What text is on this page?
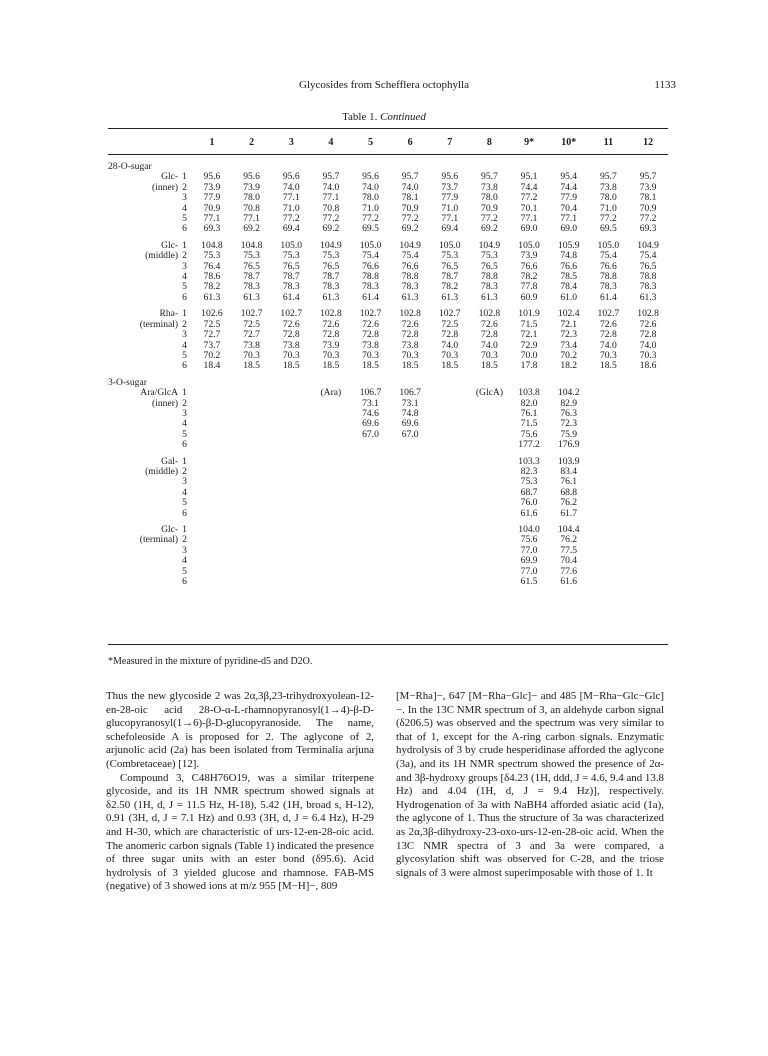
Glycosides from Schefflera octophylla	1133
Table 1. Continued
		1	2	3	4	5	6	7	8	9*	10*	11	12

28-O-sugar													
Glc-	1	95.6	95.6	95.6	95.7	95.6	95.7	95.6	95.7	95.1	95.4	95.7	95.7
(inner)	2	73.9	73.9	74.0	74.0	74.0	74.0	73.7	73.8	74.4	74.4	73.8	73.9
	3	77.9	78.0	77.1	77.1	78.0	78.1	77.9	78.0	77.2	77.9	78.0	78.1
	4	70.9	70.8	71.0	70.8	71.0	70.9	71.0	70.9	70.1	70.4	71.0	70.9
	5	77.1	77.1	77.2	77.2	77.2	77.2	77.1	77.2	77.1	77.1	77.2	77.2
	6	69.3	69.2	69.4	69.2	69.5	69.2	69.4	69.2	69.0	69.0	69.5	69.3

Glc-	1	104.8	104.8	105.0	104.9	105.0	104.9	105.0	104.9	105.0	105.9	105.0	104.9
(middle)	2	75.3	75.3	75.3	75.3	75.4	75.4	75.3	75.3	73.9	74.8	75.4	75.4
	3	76.4	76.5	76.5	76.5	76.6	76.6	76.5	76.5	76.6	76.6	76.6	76.5
	4	78.6	78.7	78.7	78.7	78.8	78.8	78.7	78.8	78.2	78.5	78.8	78.8
	5	78.2	78.3	78.3	78.3	78.3	78.3	78.2	78.3	77.8	78.4	78.3	78.3
	6	61.3	61.3	61.4	61.3	61.4	61.3	61.3	61.3	60.9	61.0	61.4	61.3

Rha-	1	102.6	102.7	102.7	102.8	102.7	102.8	102.7	102.8	101.9	102.4	102.7	102.8
(terminal)	2	72.5	72.5	72.6	72.6	72.6	72.6	72.5	72.6	71.5	72.1	72.6	72.6
	3	72.7	72.7	72.8	72.8	72.8	72.8	72.8	72.8	72.1	72.3	72.8	72.8
	4	73.7	73.8	73.8	73.9	73.8	73.8	74.0	74.0	72.9	73.4	74.0	74.0
	5	70.2	70.3	70.3	70.3	70.3	70.3	70.3	70.3	70.0	70.2	70.3	70.3
	6	18.4	18.5	18.5	18.5	18.5	18.5	18.5	18.5	17.8	18.2	18.5	18.6

3-O-sugar													
Ara/GlcA	1				(Ara)	106.7	106.7		(GlcA)	103.8	104.2		
(inner)	2					73.1	73.1			82.0	82.9		
	3					74.6	74.8			76.1	76.3		
	4					69.6	69.6			71.5	72.3		
	5					67.0	67.0			75.6	75.9		
	6									177.2	176.9		

Gal-	1									103.3	103.9		
(middle)	2									82.3	83.4		
	3									75.3	76.1		
	4									68.7	68.8		
	5									76.0	76.2		
	6									61.6	61.7		

Glc-	1									104.0	104.4		
(terminal)	2									75.6	76.2		
	3									77.0	77.5		
	4									69.9	70.4		
	5									77.0	77.6		
	6									61.5	61.6		
*Measured in the mixture of pyridine-d5 and D2O.

Thus the new glycoside 2 was 2α,3β,23-trihydroxyolean-12-en-28-oic acid 28-O-α-L-rhamnopyranosyl(1→4)-β-D-glucopyranosyl(1→6)-β-D-glucopyranoside. The name, schefoleoside A is proposed for 2. The aglycone of 2, arjunolic acid (2a) has been isolated from Terminalia arjuna (Combretaceae) [12].

Compound 3, C48H76O19, was a similar triterpene glycoside, and its 1H NMR spectrum showed signals at δ2.50 (1H, d, J = 11.5 Hz, H-18), 5.42 (1H, broad s, H-12), 0.91 (3H, d, J = 7.1 Hz) and 0.93 (3H, d, J = 6.4 Hz), H-29 and H-30, which are characteristic of urs-12-en-28-oic acid. The anomeric carbon signals (Table 1) indicated the presence of three sugar units with an ester bond (δ95.6). Acid hydrolysis of 3 yielded glucose and rhamnose. FAB-MS (negative) of 3 showed ions at m/z 955 [M−H]−, 809

[M−Rha]−, 647 [M−Rha−Glc]− and 485 [M−Rha−Glc−Glc]−. In the 13C NMR spectrum of 3, an aldehyde carbon signal (δ206.5) was observed and the spectrum was very similar to that of 1, except for the A-ring carbon signals. Enzymatic hydrolysis of 3 by crude hesperidinase afforded the aglycone (3a), and its 1H NMR spectrum showed the presence of 2α- and 3β-hydroxy groups [δ4.23 (1H, ddd, J = 4.6, 9.4 and 13.8 Hz) and 4.04 (1H, d, J = 9.4 Hz)], respectively. Hydrogenation of 3a with NaBH4 afforded asiatic acid (1a), the aglycone of 1. Thus the structure of 3a was characterized as 2α,3β-dihydroxy-23-oxo-urs-12-en-28-oic acid. When the 13C NMR spectra of 3 and 3a were compared, a glycosylation shift was observed for C-28, and the triose signals of 3 were almost superimposable with those of 1. It
